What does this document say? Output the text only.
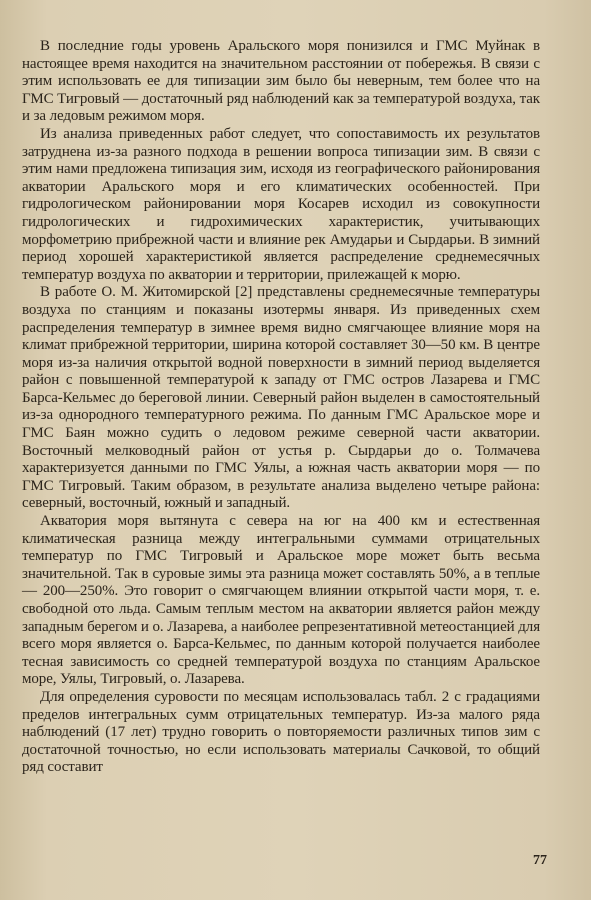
В последние годы уровень Аральского моря понизился и ГМС Муйнак в настоящее время находится на значительном расстоянии от побережья. В связи с этим использовать ее для типизации зим было бы неверным, тем более что на ГМС Тигровый — достаточный ряд наблюдений как за температурой воздуха, так и за ледовым режимом моря.

Из анализа приведенных работ следует, что сопоставимость их результатов затруднена из-за разного подхода в решении вопроса типизации зим. В связи с этим нами предложена типизация зим, исходя из географического районирования акватории Аральского моря и его климатических особенностей. При гидрологическом районировании моря Косарев исходил из совокупности гидрологических и гидрохимических характеристик, учитывающих морфометрию прибрежной части и влияние рек Амударьи и Сырдарьи. В зимний период хорошей характеристикой является распределение среднемесячных температур воздуха по акватории и территории, прилежащей к морю.

В работе О. М. Житомирской [2] представлены среднемесячные температуры воздуха по станциям и показаны изотермы января. Из приведенных схем распределения температур в зимнее время видно смягчающее влияние моря на климат прибрежной территории, ширина которой составляет 30—50 км. В центре моря из-за наличия открытой водной поверхности в зимний период выделяется район с повышенной температурой к западу от ГМС остров Лазарева и ГМС Барса-Кельмес до береговой линии. Северный район выделен в самостоятельный из-за однородного температурного режима. По данным ГМС Аральское море и ГМС Баян можно судить о ледовом режиме северной части акватории. Восточный мелководный район от устья р. Сырдарьи до о. Толмачева характеризуется данными по ГМС Уялы, а южная часть акватории моря — по ГМС Тигровый. Таким образом, в результате анализа выделено четыре района: северный, восточный, южный и западный.

Акватория моря вытянута с севера на юг на 400 км и естественная климатическая разница между интегральными суммами отрицательных температур по ГМС Тигровый и Аральское море может быть весьма значительной. Так в суровые зимы эта разница может составлять 50%, а в теплые — 200—250%. Это говорит о смягчающем влиянии открытой части моря, т. е. свободной ото льда. Самым теплым местом на акватории является район между западным берегом и о. Лазарева, а наиболее репрезентативной метеостанцией для всего моря является о. Барса-Кельмес, по данным которой получается наиболее тесная зависимость со средней температурой воздуха по станциям Аральское море, Уялы, Тигровый, о. Лазарева.

Для определения суровости по месяцам использовалась табл. 2 с градациями пределов интегральных сумм отрицательных температур. Из-за малого ряда наблюдений (17 лет) трудно говорить о повторяемости различных типов зим с достаточной точностью, но если использовать материалы Сачковой, то общий ряд составит

77
